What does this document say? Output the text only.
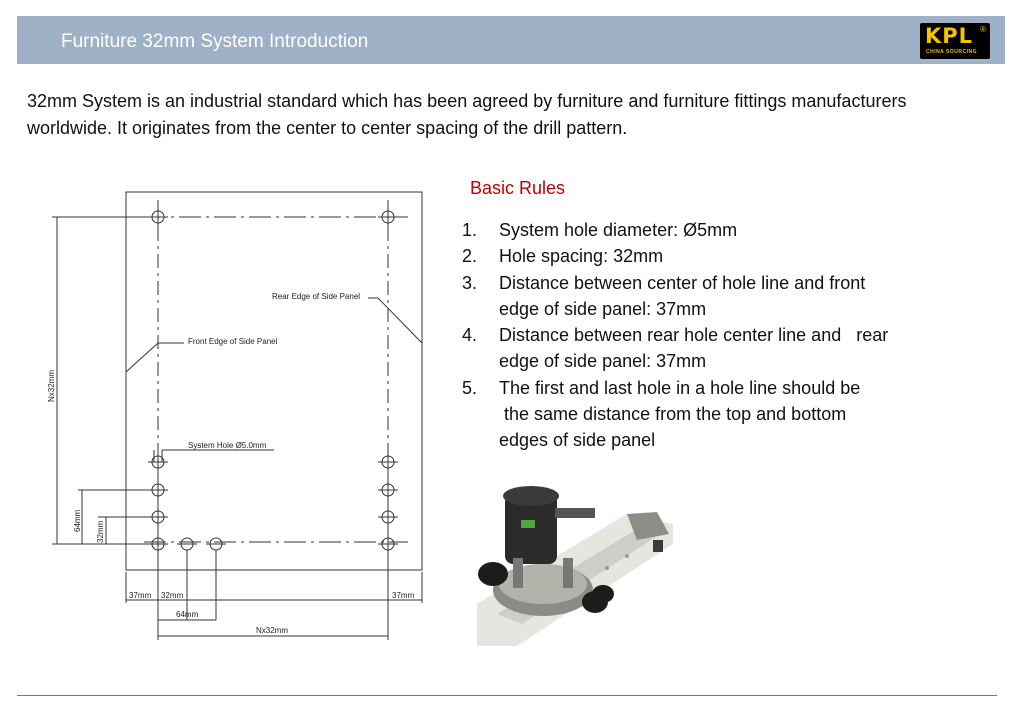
Furniture 32mm System Introduction	KPL ®
CHINA SOURCING
32mm System is an industrial standard which has been agreed by furniture and furniture fittings manufacturers worldwide. It originates from the center to center spacing of the drill pattern.
Basic Rules
1. System hole diameter: Ø5mm
2. Hole spacing: 32mm
3. Distance between center of hole line and front
edge of side panel: 37mm
4. Distance between rear hole center line and   rear
edge of side panel: 37mm
5. The first and last hole in a hole line should be
the same distance from the top and bottom
edges of side panel
Rear Edge of Side Panel
Front Edge of Side Panel
System Hole Ø5.0mm
Nx32mm
64mm 32mm
37mm 32mm	37mm
64mm
Nx32mm
